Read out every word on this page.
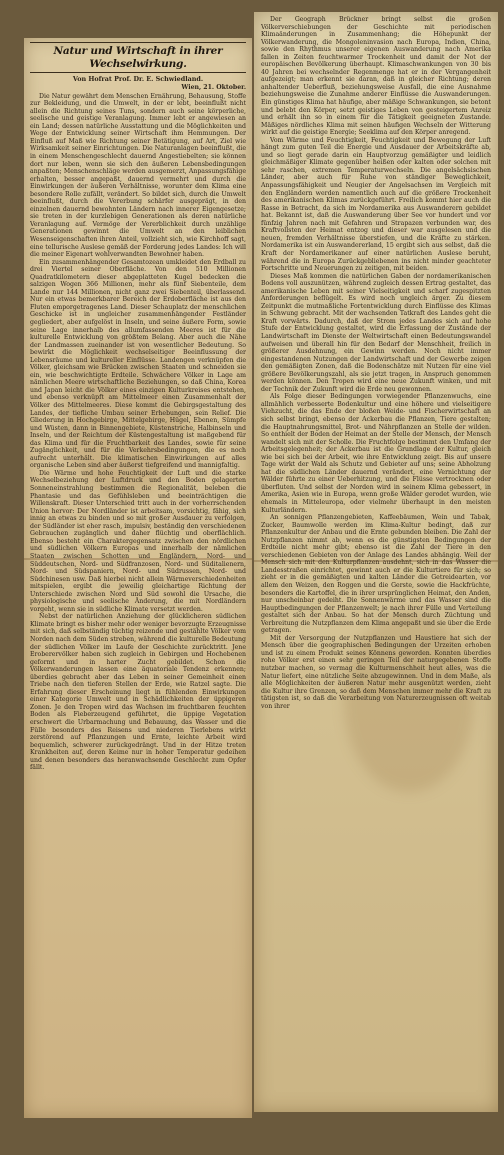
Natur und Wirtschaft in ihrer Wechselwirkung.
Von Hofrat Prof. Dr. E. Schwiedland.
Wien, 21. Oktober.

Die Natur gewährt dem Menschen Ernährung, Behausung, Stoffe zur Bekleidung, und die Umwelt, in der er lebt, beeinflußt nicht allein die Richtung seines Tuns, sondern auch seine körperliche, seelische und geistige Veranlagung. Immer lebt er angewiesen an ein Land; dessen natürliche Ausstattung und die Möglichkeiten und Wege der Entwicklung seiner Wirtschaft ihm Hemmungen. Der Einfluß auf Maß wie Richtung seiner Betätigung, auf Art, Ziel wie Wirksamkeit seiner Einrichtungen. Die Naturanlagen beeinflußt, die in einem Menschengeschlecht dauernd Angestiebelten; sie können dort nur leben, wenn sie sich den äußeren Lebensbedingungen anpaßten; Menschenschläge werden ausgemerzt, Anpassungsfähige erhalten, besser angepaßt, dauernd vermehrt und durch die Einwirkungen der äußeren Verhältnisse, worunter dem Klima eine besondere Rolle zufällt, verändert. So bildet sich, durch die Umwelt beeinflußt, durch die Vererbung schärfer ausgeprägt, in den einzelnen dauernd bewohnten Ländern nach innerer Eigengesetze; sie treten in der kurzlebigen Generationen als deren natürliche Veranlagung auf. Vermöge der Vererblichkeit durch unzählige Generationen gewinnt die Umwelt an den leiblichen Wesenseigenschaften ihren Anteil, vollzieht sich, wie Kirchhoff sagt, eine tellurische Auslese gemäß der Forderung jedes Landes: Ich will die meiner Eigenart wohlverwandten Bewohner haben.

Ein zusammenhängender Gesamtozean umkleidet den Erdball zu drei Viertel seiner Oberfläche. Von den 510 Millionen Quadratkilometern dieser abgeplatteten Kugel bedecken die salzigen Wogen 366 Millionen, mehr als fünf Siebenteile, dem Lande nur 144 Millionen, nicht ganz zwei Siebenteil, überlassend. Nur ein etwas bemerkbarer Bereich der Erdoberfläche ist aus den Fluten emporgetragenes Land. Dieser Schauplatz der menschlichen Geschicke ist in ungleicher zusammenhängender Festländer gegliedert, aber aufgelöst in Inseln, und seine äußere Form, sowie seine Lage innerhalb des allumfassenden Meeres ist für die kulturelle Entwicklung von größtem Belang. Aber auch die Nähe der Landmassen zueinander ist von wesentlicher Bedeutung. So bewirkt die Möglichkeit wechselseitiger Beeinflussung der Lebensräume und kultureller Einflüsse. Landengen verknüpfen die Völker, gleichsam wie Brücken zwischen Staaten und schneiden sie ein, wie beschwichtigte Erdteile. Schwächere Völker in Lage am nämlichen Meere wirtschaftliche Beziehungen, so daß China, Korea und Japan leicht die Völker eines einzigen Kulturkreises entstehen, und ebenso verknüpft am Mittelmeer einen Zusammenhalt der Völker des Mittelmeeres. Diese kommt die Gebirgsgestaltung des Landes, der tiefliche Umbau seiner Erhebungen, sein Relief. Die Gliederung in Hochgebirge, Mittelgebirge, Hügel, Ebenen, Sümpfe und Wüsten, dann in Binnengebiete, Küstenstriche, Halbinseln und Inseln, und der Reichtum der Küstengestaltung ist maßgebend für das Klima und für die Fruchtbarkeit des Landes, sowie für seine Zugänglichkeit, und für die Verkehrsbedingungen, die es noch aufrecht unterhält. Die klimatischen Einwirkungen auf alles organische Leben sind aber äußerst tiefgreifend und mannigfaltig.

Die Wärme und hohe Feuchtigkeit der Luft und die starke Wechselbeziehung der Luftdruck und den Boden gelagerten Sonneneinstrahlung bestimmen die Regionalität, beleben die Phantasie und das Gefühlsleben und beeinträchtigen die Willenskraft. Dieser Unterschied tritt auch in der vorherrschenden Union hervor: Der Nordländer ist arbeitsam, vorsichtig, fähig, sich innig an etwas zu binden und so mit großer Ausdauer zu verfolgen, der Südländer ist eher rasch, impulsiv, beständig den verschiedenen Gebrauchen zugänglich und daher flüchtig und oberflächlich. Ebenso besteht ein Charaktergegensatz zwischen den nördlichen und südlichen Völkern Europas und innerhalb der nämlichen Staaten zwischen Schotten und Engländern, Nord- und Süddeutschen, Nord- und Südfranzosen, Nord- und Süditalienern, Nord- und Südspaniern, Nord- und Südrussen, Nord- und Südchinesen usw. Daß hierbei nicht allein Wärmeverschiedenheiten mitspielen, ergibt die jeweilig gleichartige Richtung der Unterschiede zwischen Nord und Süd sowohl die Ursache, die physiologische und seelische Änderung, die mit Nordländern vorgeht, wenn sie in südliche Klimate versetzt werden.

Nebst der natürlichen Anziehung der glücklicheren südlichen Klimate bringt es bisher mehr oder weniger bevorzugte Erzeugnisse mit sich, daß selbständig tüchtig reizende und gestählte Völker vom Norden nach dem Süden streben, während die kulturelle Bedeutung der südlichen Völker im Laufe der Geschichte zurücktritt. Jene Eroberervölker haben sich zugleich in Gebirgen und Hochebenen geformt und in harter Zucht gebildet. Schon die Völkerwanderungen lassen eine äquatoriale Tendenz erkennen; überdies gebracht aber das Leben in seiner Gemeinheit einen Triebe nach den tieferen Stellen der Erde, wie Ratzel sagte. Die Erfahrung dieser Erscheinung liegt in fühlenden Einwirkungen einer Kategorie Umwelt und in Schädlichkeiten der üppigeren Zonen. Je den Tropen wird das Wachsen im fruchtbaren feuchten Boden als Fieberzeugend geführtet, die üppige Vegetation erschwert die Urbarmachung und Bebauung, das Wasser und die Fülle besonders des Reisens und niederen Tierlebens wirkt zerstörend auf Pflanzungen und Ernte, leichte Arbeit wird bequemlich, schwerer zurückgedrängt. Und in der Hitze treten Krankheiten auf, deren Keime nur in hoher Temperatur gedeihen und denen besonders das heranwachsende Geschlecht zum Opfer fällt.

Der Geograph Brückner bringt selbst die großen Völkerverschiebungen der Geschichte mit periodischen Klimaänderungen in Zusammenhang; die Höhepunkt der Völkerwanderung, die Mongoleninvasion nach Europa, Indien, China, sowie den Rhythmus unserer eigenen Auswanderung nach Amerika fallen in Zeiten feuchtwarmer Trockenheit und damit der Not der europäischen Bevölkerung überhaupt. Klimaschwankungen von 30 bis 40 Jahren bei wechselnder Regenmenge hat er in der Vergangenheit aufgezeigt; man erkennt sie daran, daß in gleicher Richtung; deren anhaltender Ueberfluß, beziehungsweise Ausfall, die eine Ausnahme beziehungsweise die Zunahme anderer Einflüsse die Auswanderungen. Ein günstiges Klima hat häufige, aber mäßige Schwankungen, sie betont und belebt den Körper, setzt geistiges Leben von gesteigertem Anreiz und erhält ihn so in einem für die Tätigkeit geeigneten Zustande. Mäßiges nördliches Klima mit seinen häufigen Wechseln der Witterung wirkt auf die geistige Energie; Seeklima auf den Körper anregend.

Vom Wärme und Feuchtigkeit, Feuchtigkeit und Bewegung der Luft hängt zum guten Teil die Energie und Ausdauer der Arbeitskräfte ab, und so liegt gerade darin ein Hauptvorzug gemäßigter und leidlich gleichmäßiger Klimate gegenüber heißen oder kalten oder solchen mit sehr raschen, extremen Temperaturwechseln. Die angelsächsischen Länder, aber auch für Ruhe von ständiger Beweglichkeit, Anpassungsfähigkeit und Neugier der Angelsachsen im Vergleich mit den Engländern werden namentlich auch auf die größere Trockenheit des amerikanischen Klimas zurückgeführt. Freilich kommt hier auch die Rasse in Betracht, da sich im Nordamerika aus Auswanderern gebildet hat. Bekannt ist, daß die Auswanderung über See vor hundert und vor fünfzig Jahren nach mit Gefahren und Strapazen verbunden war, des Kraftvollsten der Heimat entzog und dieser war ausgelesen und die neuen, fremden Verhältnisse überstiefen, und die Kräfte zu stärken. Nordamerika ist ein Auswandererland, 15 ergibt sich aus selbst, daß die Kraft der Nordamerikaner auf einer natürlichen Auslese beruht, während die in Europa Zurückgebliebenen ins nicht minder geachteter Fortschritte und Neuerungen zu zeitigen, mit beiden.

Dieses Maß kommen die natürlichen Gaben der nordamerikanischen Bodens voll auszunützen, während zugleich dessen Ertrag gestaltet, das amerikanische Leben mit seiner Vielseitigkeit und scharf zugespitzten Anforderungen beflügelt. Es wird noch ungleich ärger. Zu diesem Zeitpunkt die mutmaßliche Fortentwicklung durch Einflüsse des Klimas in Schwung gebracht. Mit der wachsenden Tatkraft des Landes geht die Kraft vorwärts. Dadurch, daß der Strom jedes Landes sich auf hohe Stufe der Entwicklung gestaltet, wird die Erfassung der Zustände der Landwirtschaft im Dienste der Weltwirtschaft einen Bedeutungswandel aufweisen und überall hin für den Bedarf der Menschheit, freilich in größerer Ausdehnung, ein Gewinn werden. Noch nicht immer eingestandenen Nutzungen der Landwirtschaft und der Gewerbe zeigen den gemäßigten Zonen, daß die Bodenschätze mit Nutzen für eine viel größere Bevölkerungszahl, als sie jetzt tragen, in Anspruch genommen werden können. Den Tropen wird eine neue Zukunft winken, und mit der Technik der Zukunft wird die Erde neu gewonnen.

Als Folge dieser Bedingungen vorwiegender Pflanzenwuchs, eine allmählich verbesserte Bodenkultur und eine höhere und vielseitigere Viehzucht, die das Ende der bloßen Weide- und Fischerwirtschaft an sich selbst bringt, ebenso der Ackerbau die Pflanzen, Tiere gestalten; die Hauptnahrungsmittel, Brot- und Nährpflanzen an Stelle der wilden. So enthielt der Boden der Heimat an der Stelle der Mensch, der Mensch wandelt sich mit der Scholle. Die Fruchtfolge bestimmt den Umfang der Arbeitsgelegenheit; der Ackerbau ist die Grundlage der Kultur, gleich wie bei sich bei der Arbeit, wie ihre Entwicklung zeigt. Bis auf unsere Tage wirkt der Wald als Schutz und Gebieter auf uns; seine Abholzung hat die südlichen Länder dauernd verändert, eine Vernichtung der Wälder führte zu einer Ueberhitzung, und die Flüsse vertrocknen oder überfluten. Und selbst der Norden wird in seinem Klima gebessert, in Amerika, Asien wie in Europa, wenn große Wälder gerodet wurden, wie ehemals in Mitteleuropa, oder vielmehr überhaupt in den meisten Kulturländern.

An sonnigen Pflanzengebieten, Kaffeebäumen, Wein und Tabak, Zucker, Baumwolle werden im Klima-Kultur bedingt, daß zur Pflanzenkultur der Anbau und die Ernte gebunden bleiben. Die Zahl der Nutzpflanzen nimmt ab, wenn es die günstigsten Bedingungen der Erdteile nicht mehr gibt; ebenso ist die Zahl der Tiere in den verschiedenen Gebieten von der Anlage des Landes abhängig. Weil der Mensch sich mit den Kulturpflanzen ausdehnt, sich in das Wasser die Landesstraßen einrichtet, gewinnt auch er die Kulturtiere für sich; so zieht er in die gemäßigten und kalten Länder die Getreidearten, vor allem den Weizen, den Roggen und die Gerste, sowie die Hackfrüchte, besonders die Kartoffel, die in ihrer ursprünglichen Heimat, den Anden, nur unscheinbar gedeiht. Die Sonnenwärme und das Wasser sind die Hauptbedingungen der Pflanzenwelt; je nach ihrer Fülle und Verteilung gestaltet sich der Anbau. So hat der Mensch durch Züchtung und Verbreitung die Nutzpflanzen dem Klima angepaßt und sie über die Erde getragen.

Mit der Versorgung der Nutzpflanzen und Haustiere hat sich der Mensch über die geographischen Bedingungen der Urzeiten erhoben und ist zu einem Produkt seines Könnens geworden. Konnten überdies rohe Völker erst einen sehr geringen Teil der naturgegebenen Stoffe nutzbar machen, so vermag die Kulturmenschheit heut alles, was die Natur liefert, eine nützliche Seite abzugewinnen. Und in dem Maße, als alle Möglichkeiten der äußeren Natur mehr ausgenützt werden, zieht die Kultur ihre Grenzen, so daß dem Menschen immer mehr die Kraft zu tätigsten ist, so daß die Verarbeitung von Naturerzeugnissen oft weitab von ihrer
